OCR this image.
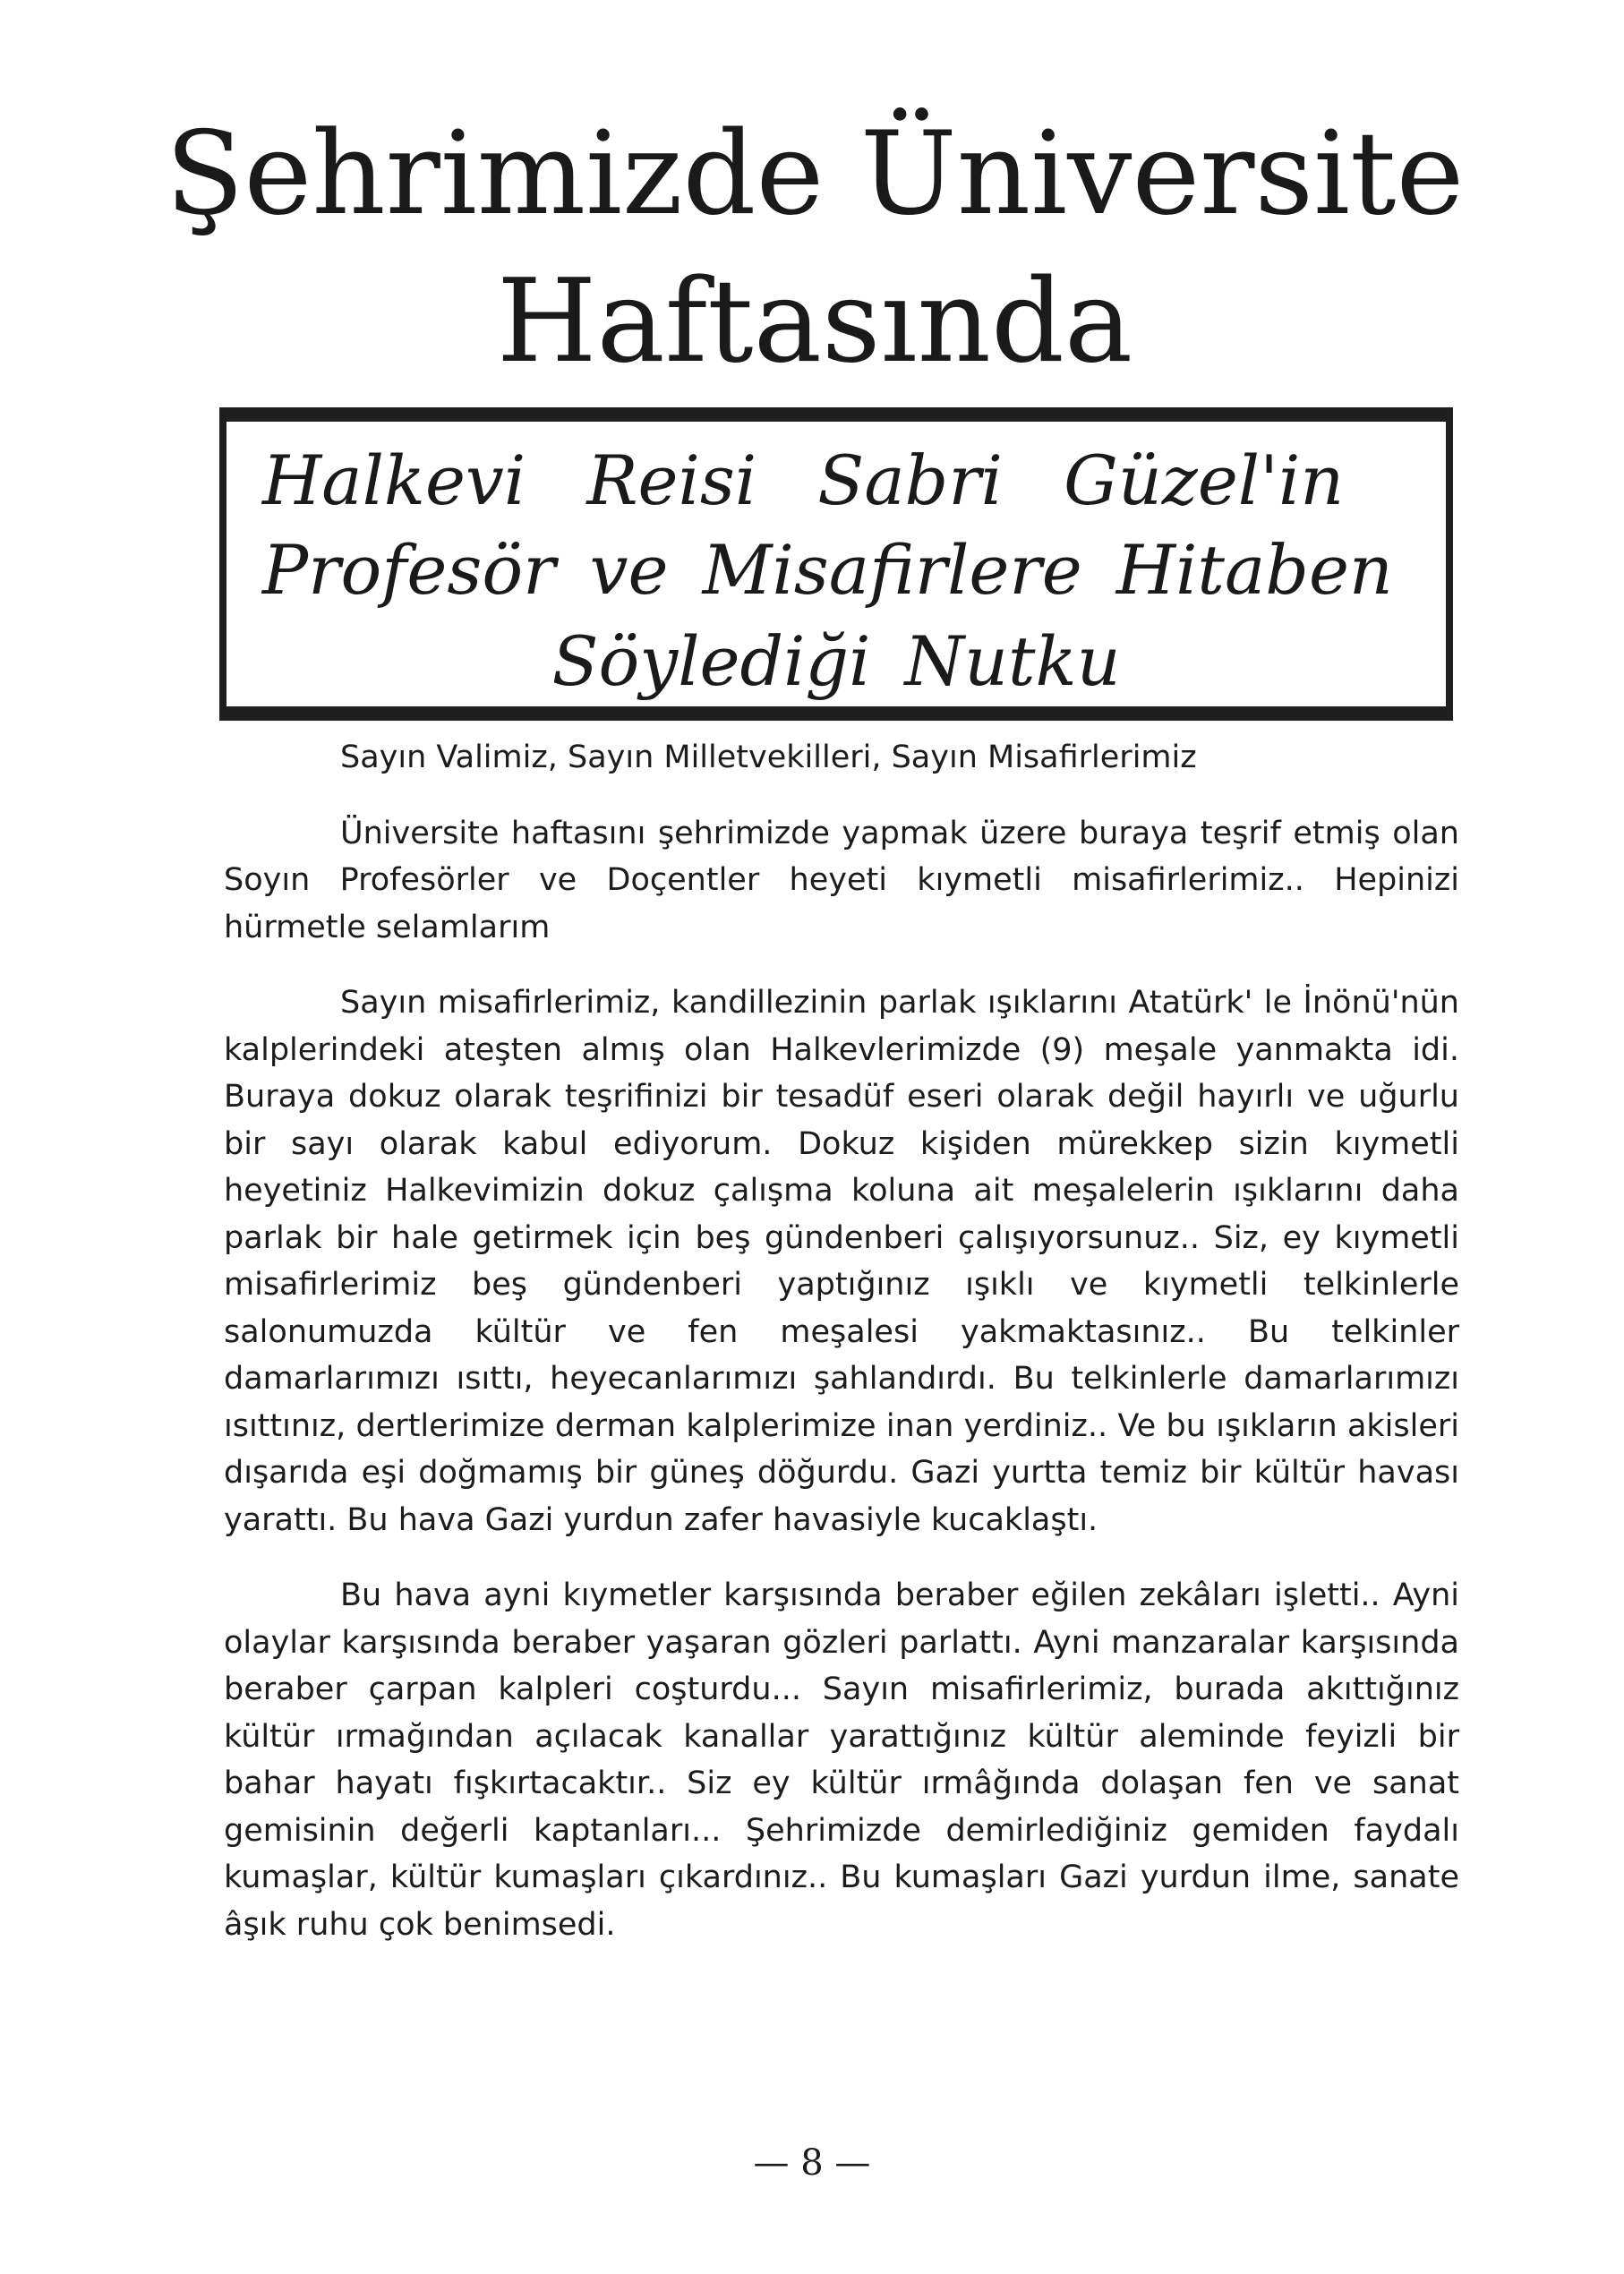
Şehrimizde Üniversite
Haftasında
Halkevi Reisi Sabri Güzel'in
Profesör ve Misafirlere Hitaben
Söylediği Nutku

Sayın Valimiz, Sayın Milletvekilleri, Sayın Misafirlerimiz

Üniversite haftasını şehrimizde yapmak üzere buraya teşrif etmiş olan Soyın Profesörler ve Doçentler heyeti kıymetli misafirlerimiz.. Hepinizi hürmetle selamlarım

Sayın misafirlerimiz, kandillezinin parlak ışıklarını Atatürk' le İnönü'nün kalplerindeki ateşten almış olan Halkevlerimizde (9) meşale yanmakta idi. Buraya dokuz olarak teşrifinizi bir tesadüf eseri olarak değil hayırlı ve uğurlu bir sayı olarak kabul ediyorum. Dokuz kişiden mürekkep sizin kıymetli heyetiniz Halkevimizin dokuz çalışma koluna ait meşalelerin ışıklarını daha parlak bir hale getirmek için beş gündenberi çalışıyorsunuz.. Siz, ey kıymetli misafirlerimiz beş gündenberi yaptığınız ışıklı ve kıymetli telkinlerle salonumuzda kültür ve fen meşalesi yakmaktasınız.. Bu telkinler damarlarımızı ısıttı, heyecanlarımızı şahlandırdı. Bu telkinlerle damarlarımızı ısıttınız, dertlerimize derman kalplerimize inan yerdiniz.. Ve bu ışıkların akisleri dışarıda eşi doğmamış bir güneş döğurdu. Gazi yurtta temiz bir kültür havası yarattı. Bu hava Gazi yurdun zafer havasiyle kucaklaştı.

Bu hava ayni kıymetler karşısında beraber eğilen zekâları işletti.. Ayni olaylar karşısında beraber yaşaran gözleri parlattı. Ayni manzaralar karşısında beraber çarpan kalpleri coşturdu... Sayın misafirlerimiz, burada akıttığınız kültür ırmağından açılacak kanallar yarattığınız kültür aleminde feyizli bir bahar hayatı fışkırtacaktır.. Siz ey kültür ırmâğında dolaşan fen ve sanat gemisinin değerli kaptanları... Şehrimizde demirlediğiniz gemiden faydalı kumaşlar, kültür kumaşları çıkardınız.. Bu kumaşları Gazi yurdun ilme, sanate âşık ruhu çok benimsedi.

— 8 —
